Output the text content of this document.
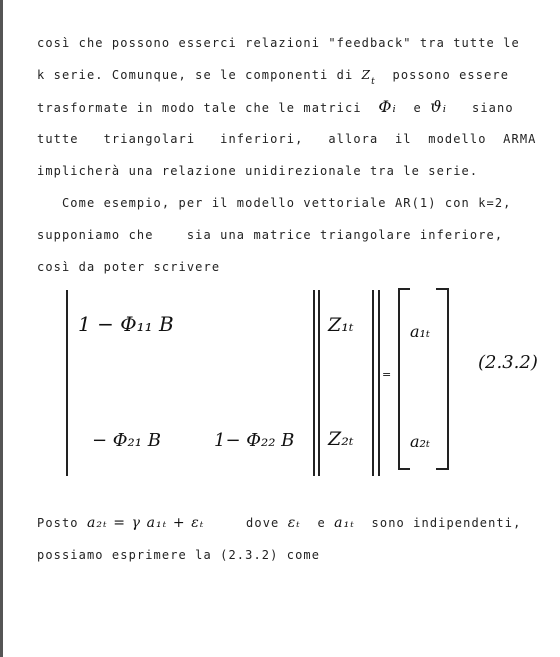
così che possono esserci relazioni "feedback" tra tutte le
k serie. Comunque, se le componenti di $Z_t$ possono essere
trasformate in modo tale che le matrici Φᵢ e ϑᵢ siano
tutte   triangolari   inferiori,   allora  il  modello  ARMA
implicherà una relazione unidirezionale tra le serie.
Come esempio, per il modello vettoriale AR(1) con k=2,
supponiamo che    sia una matrice triangolare inferiore,
così da poter scrivere
1 − Φ₁₁ B
− Φ₂₁ B	1− Φ₂₂ B
Z₁ₜ
Z₂ₜ
=
a₁ₜ
a₂ₜ
(2.3.2)
Posto a₂ₜ = γ a₁ₜ + εₜ	dove εₜ e a₁ₜ sono indipendenti,
possiamo esprimere la (2.3.2) come
